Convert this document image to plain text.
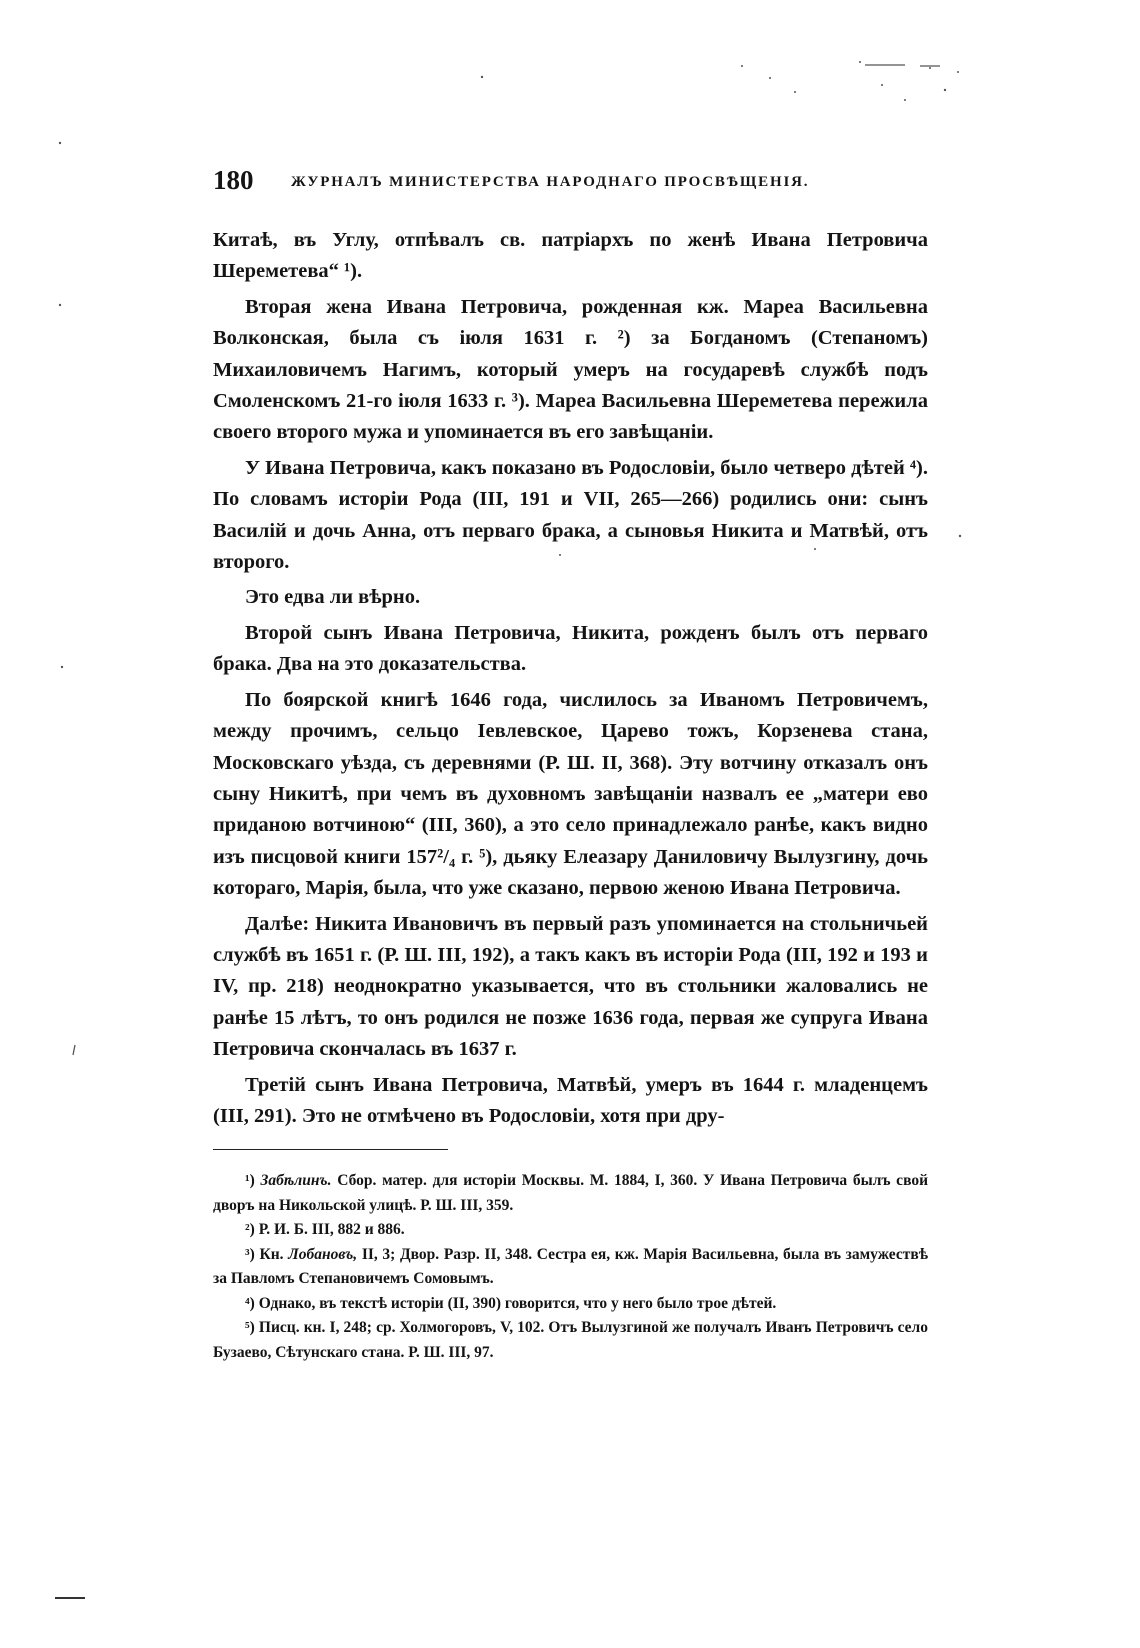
180	ЖУРНАЛЪ МИНИСТЕРСТВА НАРОДНАГО ПРОСВѢЩЕНІЯ.

Китаѣ, въ Углу, отпѣвалъ св. патріархъ по женѣ Ивана Петровича Шереметева“ ¹).

Вторая жена Ивана Петровича, рожденная кж. Мареа Васильевна Волконская, была съ іюля 1631 г. ²) за Богданомъ (Степаномъ) Михаиловичемъ Нагимъ, который умеръ на государевѣ службѣ подъ Смоленскомъ 21-го іюля 1633 г. ³). Мареа Васильевна Шереметева пережила своего второго мужа и упоминается въ его завѣщаніи.

У Ивана Петровича, какъ показано въ Родословіи, было четверо дѣтей ⁴). По словамъ исторіи Рода (III, 191 и VII, 265—266) родились они: сынъ Василій и дочь Анна, отъ перваго брака, а сыновья Никита и Матвѣй, отъ второго.

Это едва ли вѣрно.

Второй сынъ Ивана Петровича, Никита, рожденъ былъ отъ перваго брака. Два на это доказательства.

По боярской книгѣ 1646 года, числилось за Иваномъ Петровичемъ, между прочимъ, сельцо Іевлевское, Царево тожъ, Корзенева стана, Московскаго уѣзда, съ деревнями (Р. Ш. II, 368). Эту вотчину отказалъ онъ сыну Никитѣ, при чемъ въ духовномъ завѣщаніи назвалъ ее „матери ево приданою вотчиною“ (III, 360), а это село принадлежало ранѣе, какъ видно изъ писцовой книги 157²/₄ г. ⁵), дьяку Елеазару Даниловичу Вылузгину, дочь котораго, Марія, была, что уже сказано, первою женою Ивана Петровича.

Далѣе: Никита Ивановичъ въ первый разъ упоминается на стольничьей службѣ въ 1651 г. (Р. Ш. III, 192), а такъ какъ въ исторіи Рода (III, 192 и 193 и IV, пр. 218) неоднократно указывается, что въ стольники жаловались не ранѣе 15 лѣтъ, то онъ родился не позже 1636 года, первая же супруга Ивана Петровича скончалась въ 1637 г.

Третій сынъ Ивана Петровича, Матвѣй, умеръ въ 1644 г. младенцемъ (III, 291). Это не отмѣчено въ Родословіи, хотя при дру-

¹) Забѣлинъ. Сбор. матер. для исторіи Москвы. М. 1884, I, 360. У Ивана Петровича былъ свой дворъ на Никольской улицѣ. Р. Ш. III, 359.

²) Р. И. Б. III, 882 и 886.

³) Кн. Лобановъ, II, 3; Двор. Разр. II, 348. Сестра ея, кж. Марія Васильевна, была въ замужествѣ за Павломъ Степановичемъ Сомовымъ.

⁴) Однако, въ текстѣ исторіи (II, 390) говорится, что у него было трое дѣтей.

⁵) Писц. кн. I, 248; ср. Холмогоровъ, V, 102. Отъ Вылузгиной же получалъ Иванъ Петровичъ село Бузаево, Сѣтунскаго стана. Р. Ш. III, 97.
